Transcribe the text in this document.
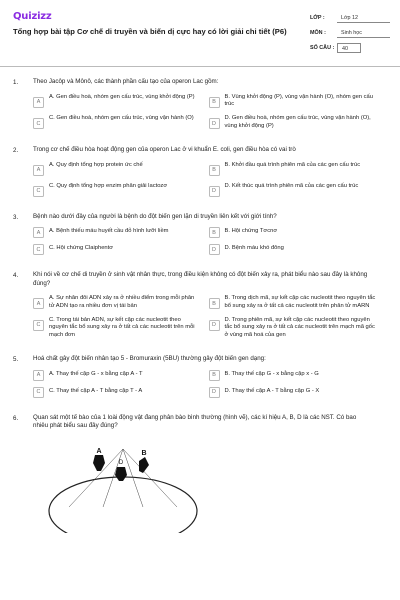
Quizizz
Tổng hợp bài tập Cơ chế di truyền và biến dị cực hay có lời giải chi tiết (P6)
LỚP :	Lớp 12
MÔN :	Sinh học
SỐ CÂU :	40
1.	Theo Jacôp và Mônô, các thành phần cấu tạo của operon Lac gồm:
A
A. Gen điều hoà, nhóm gen cấu trúc, vùng khởi động (P)
B
B. Vùng khởi động (P), vùng vận hành (O), nhóm gen cấu trúc
C
C. Gen điều hoà, nhóm gen cấu trúc, vùng vận hành (O)
D
D. Gen điều hoà, nhóm gen cấu trúc, vùng vận hành (O), vùng khởi động (P)
2.	Trong cơ chế điều hòa hoạt động gen của operon Lac ở vi khuẩn E. coli, gen điều hòa có vai trò
A
A. Quy định tổng hợp protein ức chế
B
B. Khởi đầu quá trình phiên mã của các gen cấu trúc
C
C. Quy định tổng hợp enzim phân giải lactozơ
D
D. Kết thúc quá trình phiên mã của các gen cấu trúc
3.	Bệnh nào dưới đây của người là bệnh do đột biến gen lặn di truyền liên kết với giới tính?
A	A. Bệnh thiếu máu huyết cầu đỏ hình lưỡi liềm	B	B. Hội chứng Tơcnơ
C	C. Hội chứng Claiphentơ	D	D. Bệnh máu khó đông
4.	Khi nói về cơ chế di truyền ở sinh vật nhân thực, trong điều kiện không có đột biến xảy ra, phát biểu nào sau đây là không đúng?
A
A. Sự nhân đôi ADN xảy ra ở nhiều điểm trong mỗi phân tử ADN tạo ra nhiều đơn vị tái bản	B
B. Trong dịch mã, sự kết cặp các nucleotit theo nguyên tắc bổ sung xảy ra ở tất cả các nucleotit trên phân tử mARN
C
C. Trong tái bản ADN, sự kết cặp các nucleotit theo nguyên tắc bổ sung xảy ra ở tất cả các nucleotit trên mỗi mạch đơn
D
D. Trong phiên mã, sự kết cặp các nucleotit theo nguyên tắc bổ sung xảy ra ở tất cả các nucleotit trên mạch mã gốc ở vùng mã hoá của gen
5.	Hoá chất gây đột biến nhân tạo 5 - Bromuraxin (5BU) thường gây đột biến gen dạng:
A	A. Thay thế cặp G - x bằng cặp A - T	B	B. Thay thế cặp G - x bằng cặp x - G
C	C. Thay thế cặp A - T bằng cặp T - A	D	D. Thay thế cặp A - T bằng cặp G - X
6.	Quan sát một tế bào của 1 loài động vật đang phân bào bình thường (hình vẽ), các kí hiệu A, B, D là các NST. Có bao nhiêu phát biểu sau đây đúng?
A	B
D
